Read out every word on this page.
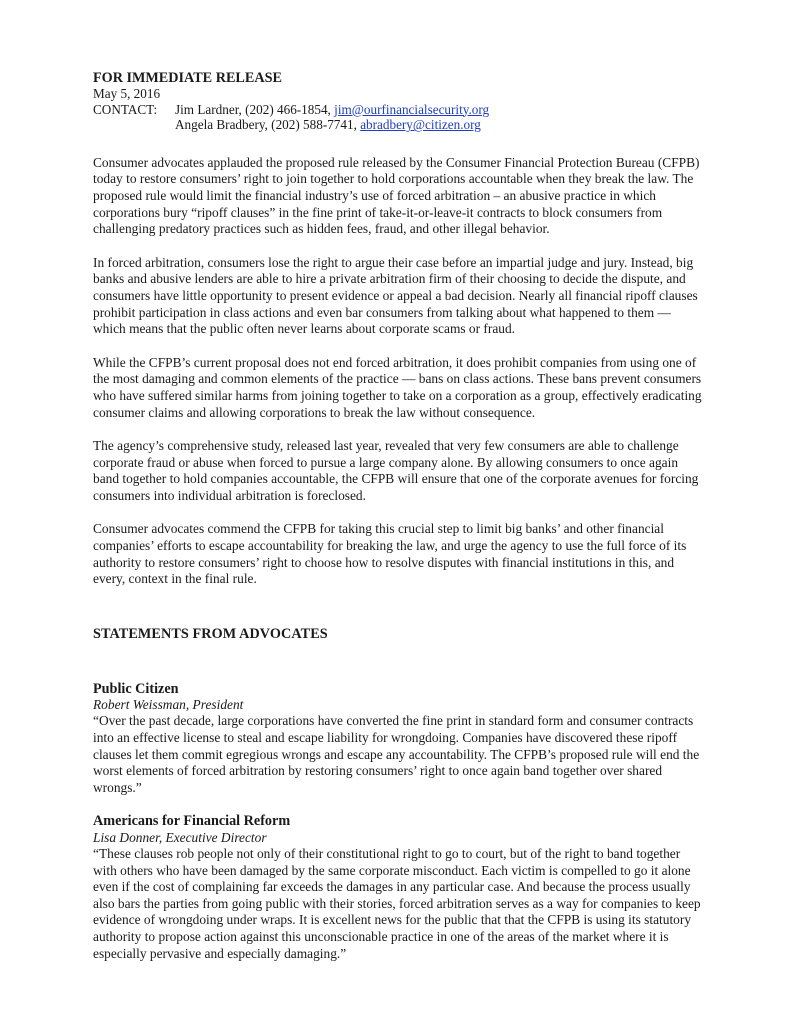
FOR IMMEDIATE RELEASE
May 5, 2016
CONTACT:	Jim Lardner, (202) 466-1854, jim@ourfinancialsecurity.org
Angela Bradbery, (202) 588-7741, abradbery@citizen.org

Consumer advocates applauded the proposed rule released by the Consumer Financial Protection Bureau (CFPB) today to restore consumers’ right to join together to hold corporations accountable when they break the law. The proposed rule would limit the financial industry’s use of forced arbitration – an abusive practice in which corporations bury “ripoff clauses” in the fine print of take-it-or-leave-it contracts to block consumers from challenging predatory practices such as hidden fees, fraud, and other illegal behavior.

In forced arbitration, consumers lose the right to argue their case before an impartial judge and jury. Instead, big banks and abusive lenders are able to hire a private arbitration firm of their choosing to decide the dispute, and consumers have little opportunity to present evidence or appeal a bad decision. Nearly all financial ripoff clauses prohibit participation in class actions and even bar consumers from talking about what happened to them — which means that the public often never learns about corporate scams or fraud.

While the CFPB’s current proposal does not end forced arbitration, it does prohibit companies from using one of the most damaging and common elements of the practice — bans on class actions. These bans prevent consumers who have suffered similar harms from joining together to take on a corporation as a group, effectively eradicating consumer claims and allowing corporations to break the law without consequence.

The agency’s comprehensive study, released last year, revealed that very few consumers are able to challenge corporate fraud or abuse when forced to pursue a large company alone. By allowing consumers to once again band together to hold companies accountable, the CFPB will ensure that one of the corporate avenues for forcing consumers into individual arbitration is foreclosed.

Consumer advocates commend the CFPB for taking this crucial step to limit big banks’ and other financial companies’ efforts to escape accountability for breaking the law, and urge the agency to use the full force of its authority to restore consumers’ right to choose how to resolve disputes with financial institutions in this, and every, context in the final rule.

STATEMENTS FROM ADVOCATES
Public Citizen
Robert Weissman, President

“Over the past decade, large corporations have converted the fine print in standard form and consumer contracts into an effective license to steal and escape liability for wrongdoing. Companies have discovered these ripoff clauses let them commit egregious wrongs and escape any accountability. The CFPB’s proposed rule will end the worst elements of forced arbitration by restoring consumers’ right to once again band together over shared wrongs.”

Americans for Financial Reform
Lisa Donner, Executive Director

“These clauses rob people not only of their constitutional right to go to court, but of the right to band together with others who have been damaged by the same corporate misconduct. Each victim is compelled to go it alone even if the cost of complaining far exceeds the damages in any particular case. And because the process usually also bars the parties from going public with their stories, forced arbitration serves as a way for companies to keep evidence of wrongdoing under wraps. It is excellent news for the public that that the CFPB is using its statutory authority to propose action against this unconscionable practice in one of the areas of the market where it is especially pervasive and especially damaging.”
